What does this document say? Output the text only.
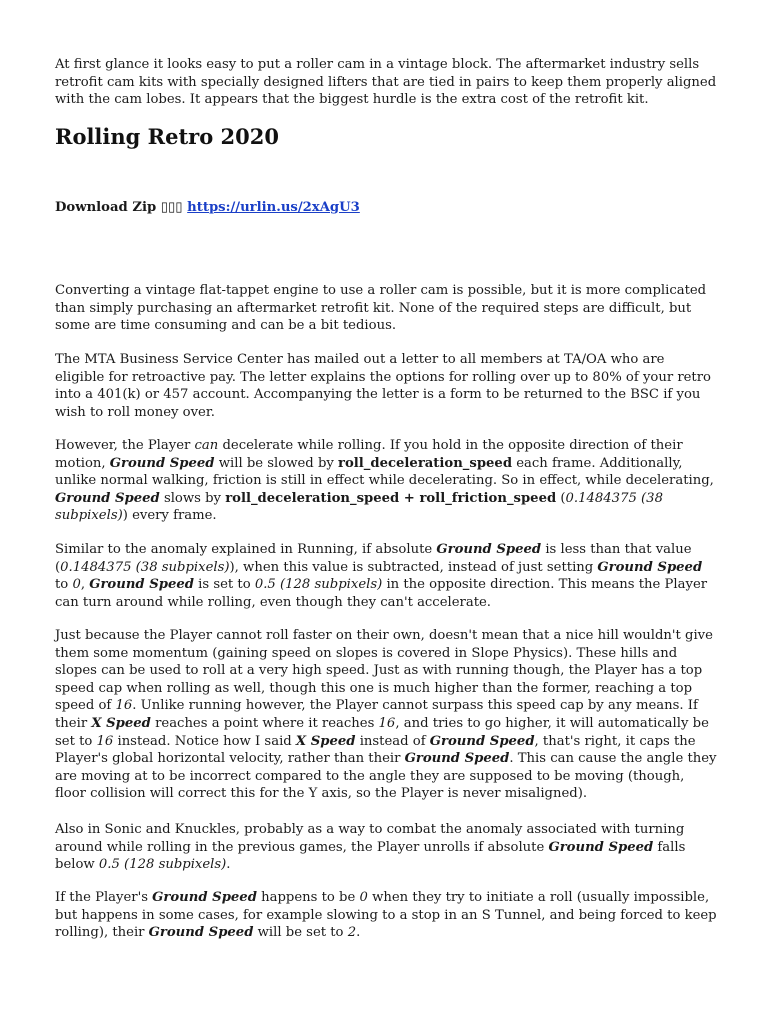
At first glance it looks easy to put a roller cam in a vintage block. The aftermarket industry sells retrofit cam kits with specially designed lifters that are tied in pairs to keep them properly aligned with the cam lobes. It appears that the biggest hurdle is the extra cost of the retrofit kit.

Rolling Retro 2020

Download Zip ▯▯▯ https://urlin.us/2xAgU3

Converting a vintage flat-tappet engine to use a roller cam is possible, but it is more complicated than simply purchasing an aftermarket retrofit kit. None of the required steps are difficult, but some are time consuming and can be a bit tedious.

The MTA Business Service Center has mailed out a letter to all members at TA/OA who are eligible for retroactive pay. The letter explains the options for rolling over up to 80% of your retro into a 401(k) or 457 account. Accompanying the letter is a form to be returned to the BSC if you wish to roll money over.

However, the Player can decelerate while rolling. If you hold in the opposite direction of their motion, Ground Speed will be slowed by roll_deceleration_speed each frame. Additionally, unlike normal walking, friction is still in effect while decelerating. So in effect, while decelerating, Ground Speed slows by roll_deceleration_speed + roll_friction_speed (0.1484375 (38 subpixels)) every frame.

Similar to the anomaly explained in Running, if absolute Ground Speed is less than that value (0.1484375 (38 subpixels)), when this value is subtracted, instead of just setting Ground Speed to 0, Ground Speed is set to 0.5 (128 subpixels) in the opposite direction. This means the Player can turn around while rolling, even though they can't accelerate.

Just because the Player cannot roll faster on their own, doesn't mean that a nice hill wouldn't give them some momentum (gaining speed on slopes is covered in Slope Physics). These hills and slopes can be used to roll at a very high speed. Just as with running though, the Player has a top speed cap when rolling as well, though this one is much higher than the former, reaching a top speed of 16. Unlike running however, the Player cannot surpass this speed cap by any means. If their X Speed reaches a point where it reaches 16, and tries to go higher, it will automatically be set to 16 instead. Notice how I said X Speed instead of Ground Speed, that's right, it caps the Player's global horizontal velocity, rather than their Ground Speed. This can cause the angle they are moving at to be incorrect compared to the angle they are supposed to be moving (though, floor collision will correct this for the Y axis, so the Player is never misaligned).

Also in Sonic and Knuckles, probably as a way to combat the anomaly associated with turning around while rolling in the previous games, the Player unrolls if absolute Ground Speed falls below 0.5 (128 subpixels).

If the Player's Ground Speed happens to be 0 when they try to initiate a roll (usually impossible, but happens in some cases, for example slowing to a stop in an S Tunnel, and being forced to keep rolling), their Ground Speed will be set to 2.
